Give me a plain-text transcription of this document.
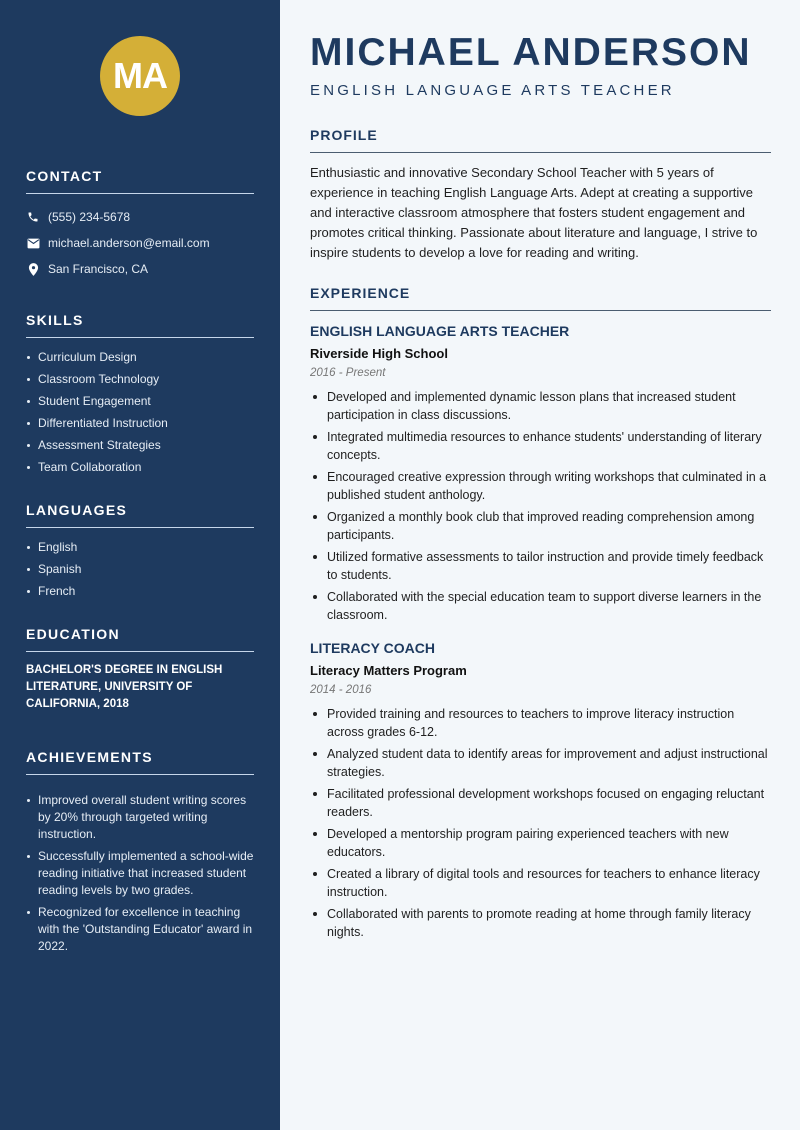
MA
CONTACT
(555) 234-5678
michael.anderson@email.com
San Francisco, CA
SKILLS
Curriculum Design
Classroom Technology
Student Engagement
Differentiated Instruction
Assessment Strategies
Team Collaboration
LANGUAGES
English
Spanish
French
EDUCATION

BACHELOR'S DEGREE IN ENGLISH LITERATURE, UNIVERSITY OF CALIFORNIA, 2018

ACHIEVEMENTS
Improved overall student writing scores by 20% through targeted writing instruction.
Successfully implemented a school-wide reading initiative that increased student reading levels by two grades.
Recognized for excellence in teaching with the 'Outstanding Educator' award in 2022.
MICHAEL ANDERSON
ENGLISH LANGUAGE ARTS TEACHER
PROFILE

Enthusiastic and innovative Secondary School Teacher with 5 years of experience in teaching English Language Arts. Adept at creating a supportive and interactive classroom atmosphere that fosters student engagement and promotes critical thinking. Passionate about literature and language, I strive to inspire students to develop a love for reading and writing.

EXPERIENCE
ENGLISH LANGUAGE ARTS TEACHER
Riverside High School
2016 - Present
Developed and implemented dynamic lesson plans that increased student participation in class discussions.
Integrated multimedia resources to enhance students' understanding of literary concepts.
Encouraged creative expression through writing workshops that culminated in a published student anthology.
Organized a monthly book club that improved reading comprehension among participants.
Utilized formative assessments to tailor instruction and provide timely feedback to students.
Collaborated with the special education team to support diverse learners in the classroom.
LITERACY COACH
Literacy Matters Program
2014 - 2016
Provided training and resources to teachers to improve literacy instruction across grades 6-12.
Analyzed student data to identify areas for improvement and adjust instructional strategies.
Facilitated professional development workshops focused on engaging reluctant readers.
Developed a mentorship program pairing experienced teachers with new educators.
Created a library of digital tools and resources for teachers to enhance literacy instruction.
Collaborated with parents to promote reading at home through family literacy nights.
